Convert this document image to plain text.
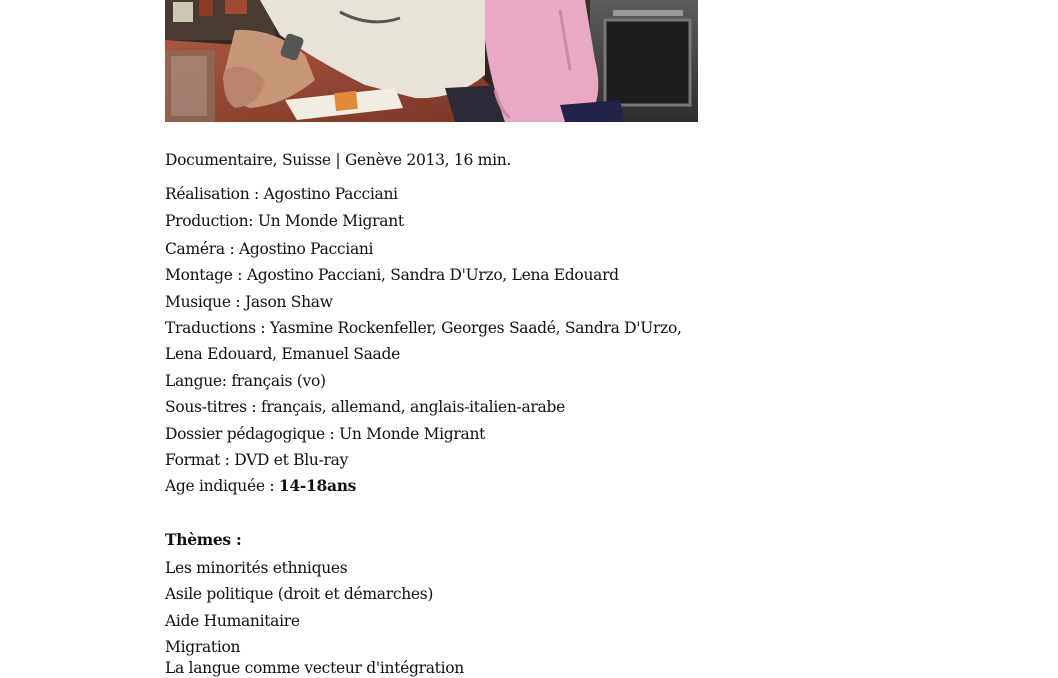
Documentaire, Suisse | Genève 2013, 16 min.
Réalisation : Agostino Pacciani
Production: Un Monde Migrant
Caméra : Agostino Pacciani
Montage : Agostino Pacciani, Sandra D'Urzo, Lena Edouard
Musique : Jason Shaw
Traductions : Yasmine Rockenfeller, Georges Saadé, Sandra D'Urzo,
Lena Edouard, Emanuel Saade
Langue: français (vo)
Sous-titres : français, allemand, anglais-italien-arabe
Dossier pédagogique : Un Monde Migrant
Format : DVD et Blu-ray
Age indiquée : 14-18ans
Thèmes :
Les minorités ethniques
Asile politique (droit et démarches)
Aide Humanitaire
Migration
La langue comme vecteur d'intégration
